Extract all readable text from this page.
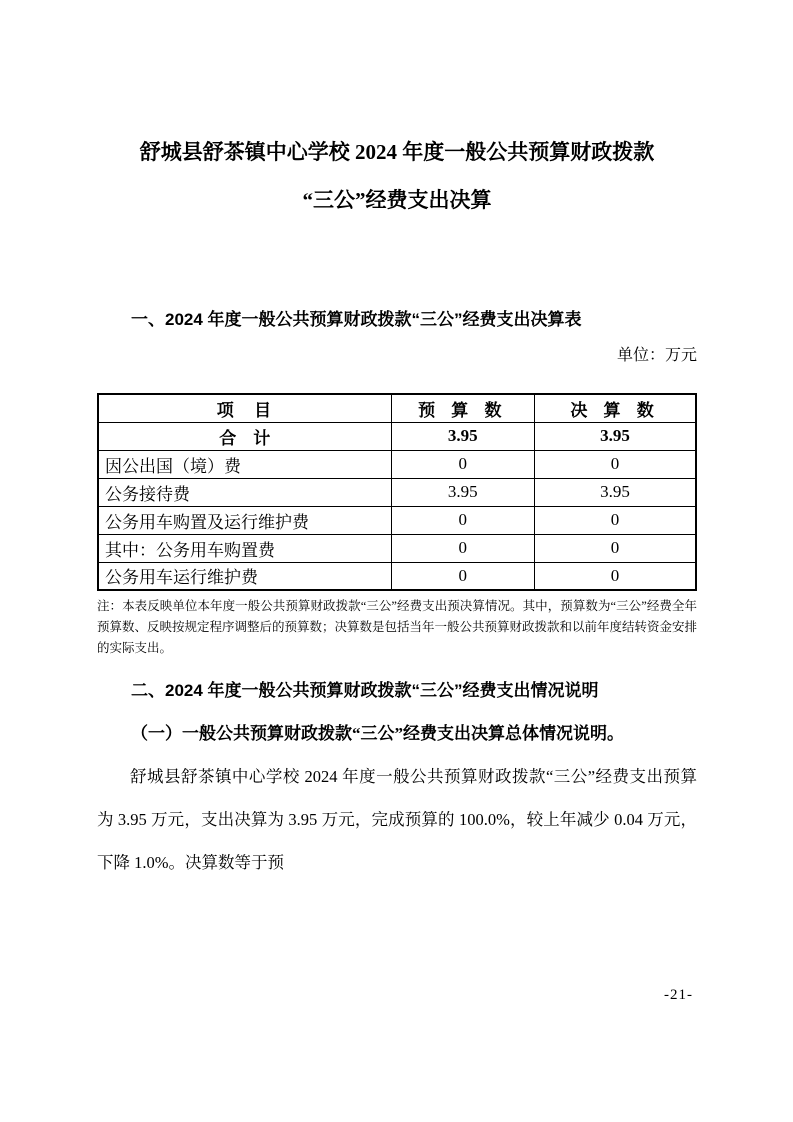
舒城县舒茶镇中心学校 2024 年度一般公共预算财政拨款
“三公”经费支出决算

一、2024 年度一般公共预算财政拨款“三公”经费支出决算表

单位：万元

项　目	预 算 数	决 算 数
合　计	3.95	3.95
因公出国（境）费	0	0
公务接待费	3.95	3.95
公务用车购置及运行维护费	0	0
其中：公务用车购置费	0	0
公务用车运行维护费	0	0

注：本表反映单位本年度一般公共预算财政拨款“三公”经费支出预决算情况。其中，预算数为“三公”经费全年预算数、反映按规定程序调整后的预算数；决算数是包括当年一般公共预算财政拨款和以前年度结转资金安排的实际支出。

二、2024 年度一般公共预算财政拨款“三公”经费支出情况说明

（一）一般公共预算财政拨款“三公”经费支出决算总体情况说明。

舒城县舒茶镇中心学校 2024 年度一般公共预算财政拨款“三公”经费支出预算为 3.95 万元，支出决算为 3.95 万元，完成预算的 100.0%，较上年减少 0.04 万元，下降 1.0%。决算数等于预

-21-
